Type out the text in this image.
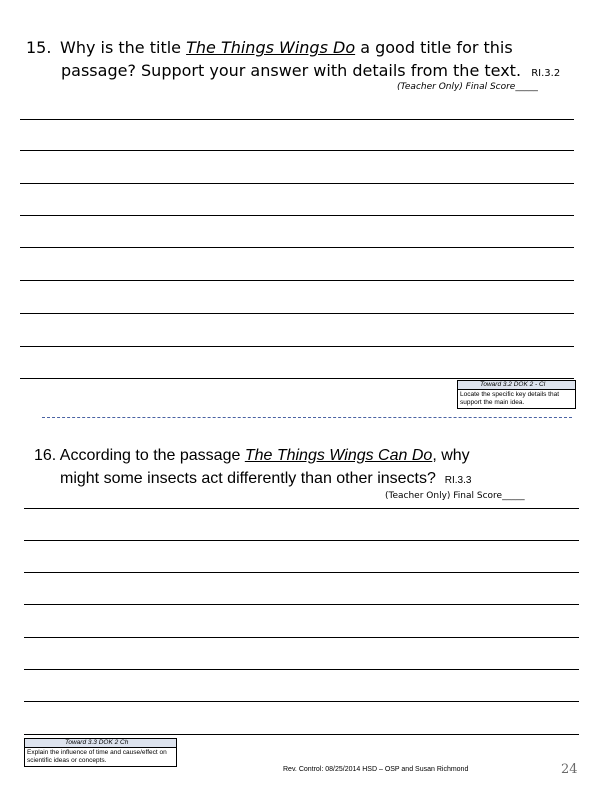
15. Why is the title The Things Wings Do a good title for this
passage? Support your answer with details from the text. RI.3.2
(Teacher Only) Final Score_____
Toward 3.2 DOK 2 - Cl
Locate the specific key details that support the main idea.
16. According to the passage The Things Wings Can Do, why
might some insects act differently than other insects? RI.3.3
(Teacher Only) Final Score_____
Toward 3.3 DOK 2 Ch
Explain the influence of time and cause/effect on scientific ideas or concepts.
Rev. Control: 08/25/2014 HSD – OSP and Susan Richmond	24
